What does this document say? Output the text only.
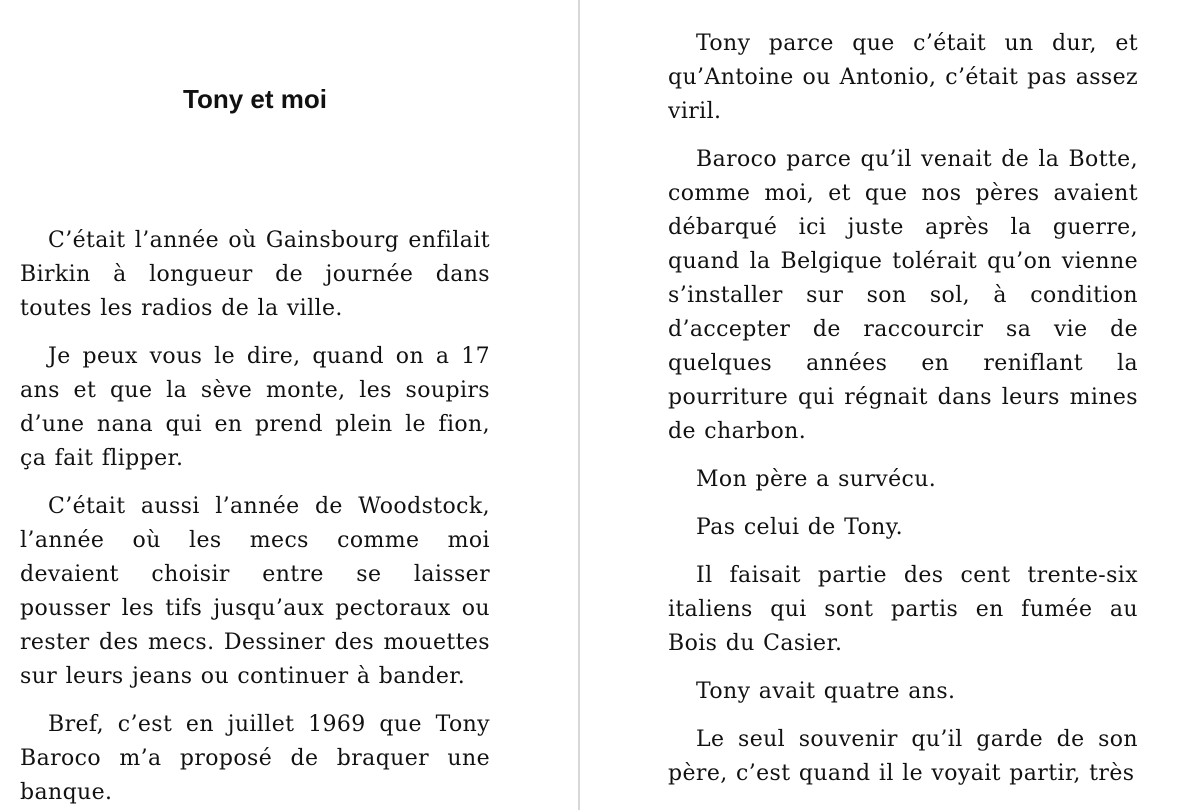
Tony et moi

C’était l’année où Gainsbourg enfilait Birkin à longueur de journée dans toutes les radios de la ville.

Je peux vous le dire, quand on a 17 ans et que la sève monte, les soupirs d’une nana qui en prend plein le fion, ça fait flipper.

C’était aussi l’année de Woodstock, l’année où les mecs comme moi devaient choisir entre se laisser pousser les tifs jusqu’aux pectoraux ou rester des mecs. Dessiner des mouettes sur leurs jeans ou continuer à bander.

Bref, c’est en juillet 1969 que Tony Baroco m’a proposé de braquer une banque.

Tony parce que c’était un dur, et qu’Antoine ou Antonio, c’était pas assez viril.

Baroco parce qu’il venait de la Botte, comme moi, et que nos pères avaient débarqué ici juste après la guerre, quand la Belgique tolérait qu’on vienne s’installer sur son sol, à condition d’accepter de raccourcir sa vie de quelques années en reniflant la pourriture qui régnait dans leurs mines de charbon.

Mon père a survécu.

Pas celui de Tony.

Il faisait partie des cent trente-six italiens qui sont partis en fumée au Bois du Casier.

Tony avait quatre ans.

Le seul souvenir qu’il garde de son père, c’est quand il le voyait partir, très
